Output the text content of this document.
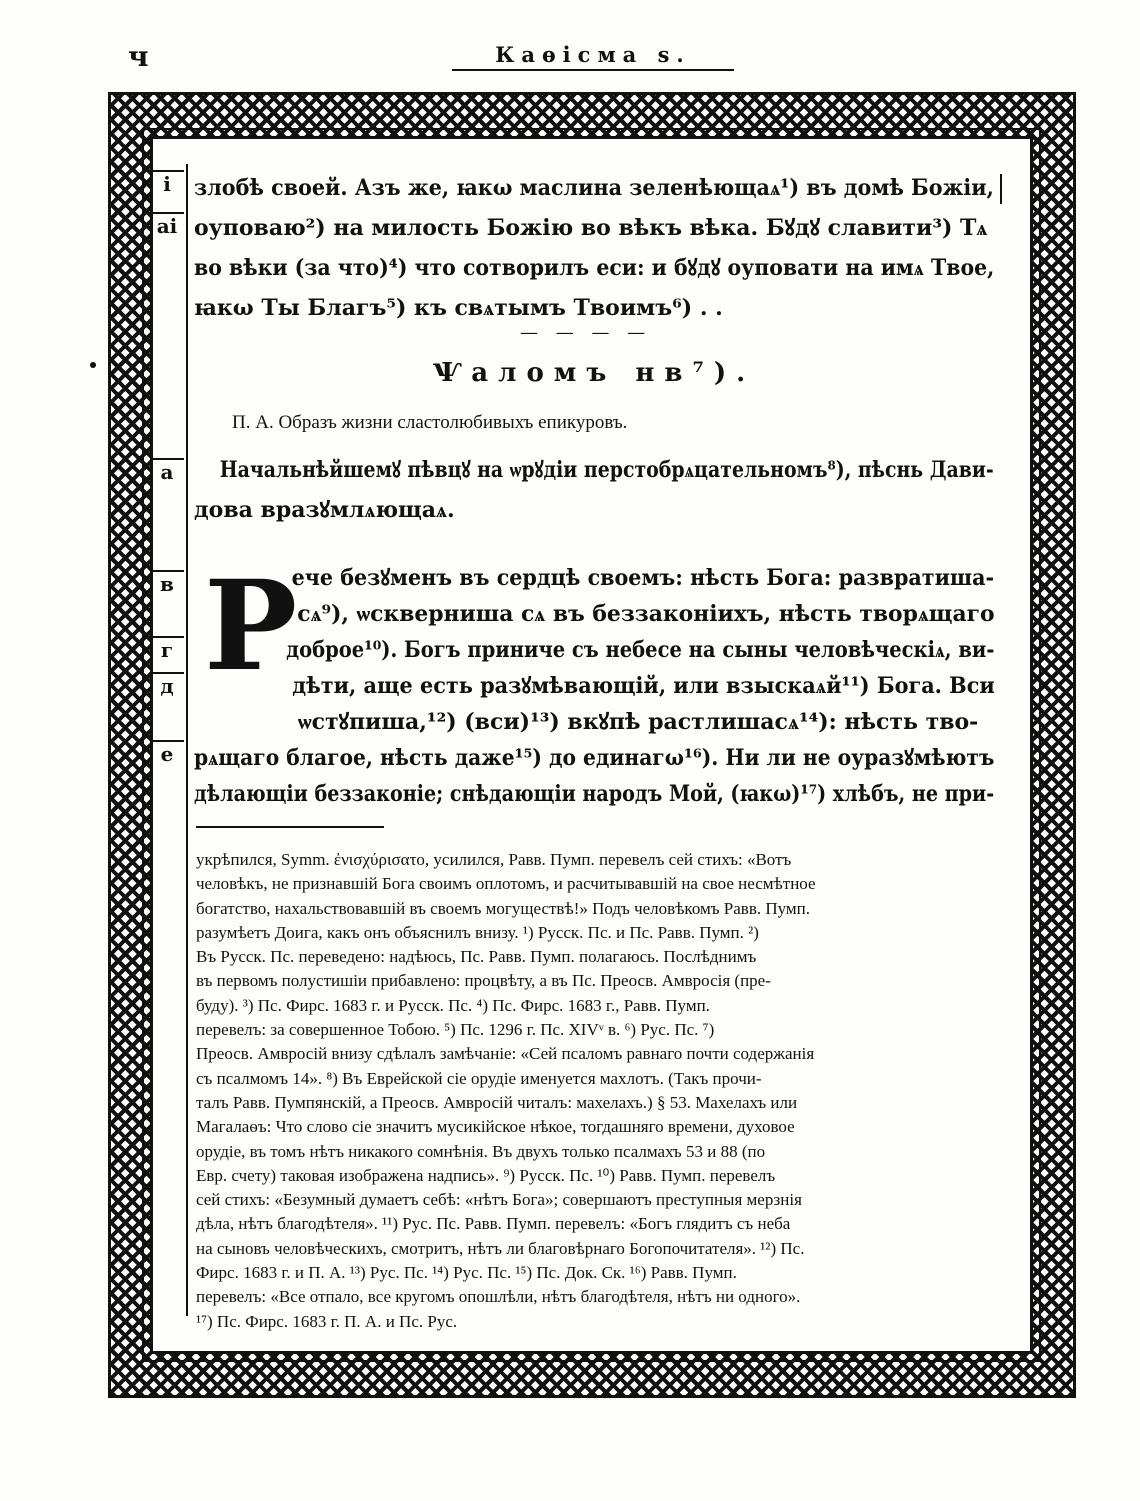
ч	Каѳісма ѕ.
і
аі
а
в
г
д
е
злобѣ своей. Азъ же, ꙗкω маслина зеленѣющаѧ¹) въ домѣ Божіи,
оуповаю²) на милость Божію во вѣкъ вѣка. Бꙋдꙋ славити³) Тѧ
во вѣки (за что)⁴) что сотворилъ еси: и бꙋдꙋ оуповати на имѧ Твое,
ꙗкω Ты Благъ⁵) къ свѧтымъ Твоимъ⁶) . .
— — — —
Ѱаломъ нв⁷).
П. А. Образъ жизни сластолюбивыхъ епикуровъ.
Начальнѣйшемꙋ пѣвцꙋ на ѡрꙋдіи перстобрѧцательномъ⁸), пѣснь Дави-
дова вразꙋмлѧющаѧ.
Р
ече безꙋменъ въ сердцѣ своемъ: нѣсть Бога: развратиша-
сѧ⁹), ѡскверниша сѧ въ беззаконіихъ, нѣсть творѧщаго
доброе¹⁰). Богъ приниче съ небесе на сыны человѣческіѧ, ви-
дѣти, аще есть разꙋмѣвающій, или взыскаѧй¹¹) Бога. Вси
ѡстꙋпиша,¹²) (вси)¹³) вкꙋпѣ растлишасѧ¹⁴): нѣсть тво-
рѧщаго благое, нѣсть даже¹⁵) до единагω¹⁶). Ни ли не оуразꙋмѣютъ
дѣлающіи беззаконіе; снѣдающіи народъ Мой, (ꙗкω)¹⁷) хлѣбъ, не при-
укрѣпился, Symm. ἐνισχύρισατο, усилился, Равв. Пумп. перевелъ сей стихъ: «Вотъ
человѣкъ, не признавшій Бога своимъ оплотомъ, и расчитывавшій на свое несмѣтное
богатство, нахальствовавшій въ своемъ могуществѣ!» Подъ человѣкомъ Равв. Пумп.
разумѣетъ Доига, какъ онъ объяснилъ внизу. ¹) Русск. Пс. и Пс. Равв. Пумп. ²)
Въ Русск. Пс. переведено: надѣюсь, Пс. Равв. Пумп. полагаюсь. Послѣднимъ
въ первомъ полустишіи прибавлено: процвѣту, а въ Пс. Преосв. Амвросія (пре-
буду). ³) Пс. Фирс. 1683 г. и Русск. Пс. ⁴) Пс. Фирс. 1683 г., Равв. Пумп.
перевелъ: за совершенное Тобою. ⁵) Пс. 1296 г. Пс. XIVᵛ в. ⁶) Рус. Пс. ⁷)
Преосв. Амвросій внизу сдѣлалъ замѣчаніе: «Сей псаломъ равнаго почти содержанія
съ псалмомъ 14». ⁸) Въ Еврейской сіе орудіе именуется махлотъ. (Такъ прочи-
талъ Равв. Пумпянскій, а Преосв. Амвросій читалъ: махелахъ.) § 53. Махелахъ или
Магалаѳъ: Что слово сіе значитъ мусикійское нѣкое, тогдашняго времени, духовое
орудіе, въ томъ нѣтъ никакого сомнѣнія. Въ двухъ только псалмахъ 53 и 88 (по
Евр. счету) таковая изображена надпись». ⁹) Русск. Пс. ¹⁰) Равв. Пумп. перевелъ
сей стихъ: «Безумный думаетъ себѣ: «нѣтъ Бога»; совершаютъ преступныя мерзнія
дѣла, нѣтъ благодѣтеля». ¹¹) Рус. Пс. Равв. Пумп. перевелъ: «Богъ глядитъ съ неба
на сыновъ человѣческихъ, смотритъ, нѣтъ ли благовѣрнаго Богопочитателя». ¹²) Пс.
Фирс. 1683 г. и П. А. ¹³) Рус. Пс. ¹⁴) Рус. Пс. ¹⁵) Пс. Док. Ск. ¹⁶) Равв. Пумп.
перевелъ: «Все отпало, все кругомъ опошлѣли, нѣтъ благодѣтеля, нѣтъ ни одного».
¹⁷) Пс. Фирс. 1683 г. П. А. и Пс. Рус.
